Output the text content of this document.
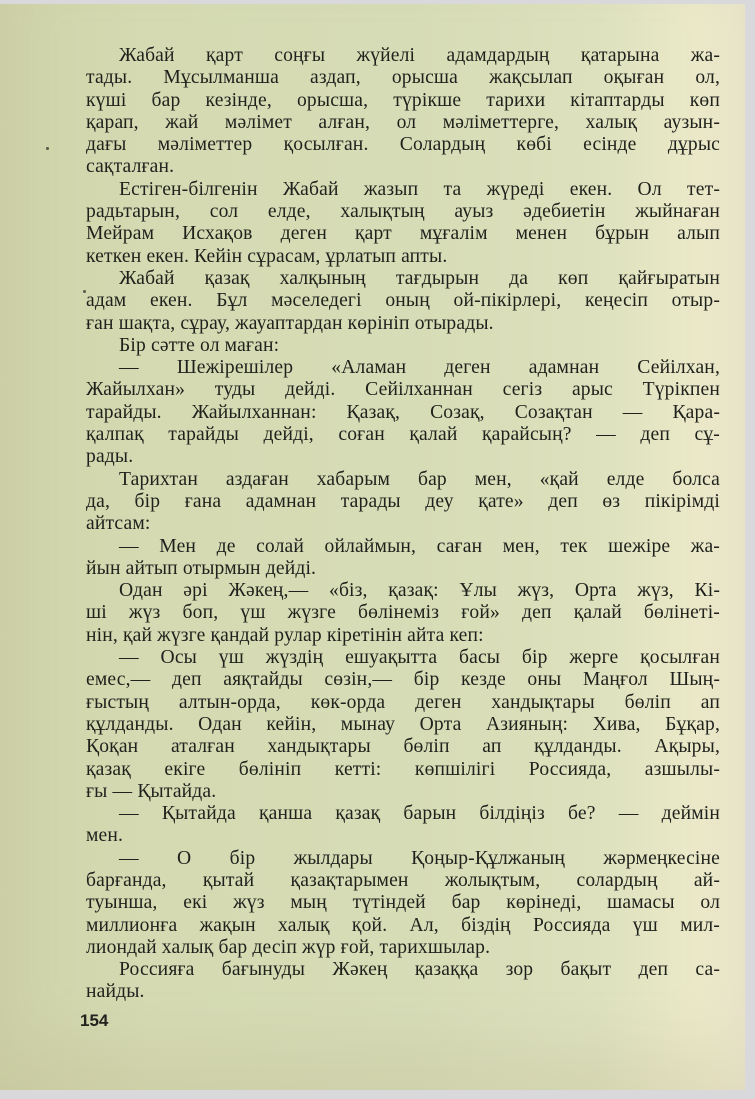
Жабай қарт соңғы жүйелі адамдардың қатарына жа-
тады. Мұсылманша аздап, орысша жақсылап оқыған ол,
күші бар кезінде, орысша, түрікше тарихи кітаптарды көп
қарап, жай мәлімет алған, ол мәліметтерге, халық аузын-
дағы мәліметтер қосылған. Солардың көбі есінде дұрыс
сақталған.
Естіген-білгенін Жабай жазып та жүреді екен. Ол тет-
радьтарын, сол елде, халықтың ауыз әдебиетін жыйнаған
Мейрам Исхақов деген қарт мұғалім менен бұрын алып
кеткен екен. Кейін сұрасам, ұрлатып апты.
Жабай қазақ халқының тағдырын да көп қайғыратын
адам екен. Бұл мәселедегі оның ой-пікірлері, кеңесіп отыр-
ған шақта, сұрау, жауаптардан көрініп отырады.
Бір сәтте ол маған:
— Шежірешілер «Аламан деген адамнан Сейілхан,
Жайылхан» туды дейді. Сейілханнан сегіз арыс Түрікпен
тарайды. Жайылханнан: Қазақ, Созақ, Созақтан — Қара-
қалпақ тарайды дейді, соған қалай қарайсың? — деп сұ-
рады.
Тарихтан аздаған хабарым бар мен, «қай елде болса
да, бір ғана адамнан тарады деу қате» деп өз пікірімді
айтсам:
— Мен де солай ойлаймын, саған мен, тек шежіре жа-
йын айтып отырмын дейді.
Одан әрі Жәкең,— «біз, қазақ: Ұлы жүз, Орта жүз, Кі-
ші жүз боп, үш жүзге бөлінеміз ғой» деп қалай бөлінеті-
нін, қай жүзге қандай рулар кіретінін айта кеп:
— Осы үш жүздің ешуақытта басы бір жерге қосылған
емес,— деп аяқтайды сөзін,— бір кезде оны Маңғол Шың-
ғыстың алтын-орда, көк-орда деген хандықтары бөліп ап
құлданды. Одан кейін, мынау Орта Азияның: Хива, Бұқар,
Қоқан аталған хандықтары бөліп ап құлданды. Ақыры,
қазақ екіге бөлініп кетті: көпшілігі Россияда, азшылы-
ғы — Қытайда.
— Қытайда қанша қазақ барын білдіңіз бе? — деймін
мен.
— О бір жылдары Қоңыр-Құлжаның жәрмеңкесіне
барғанда, қытай қазақтарымен жолықтым, солардың ай-
туынша, екі жүз мың түтіндей бар көрінеді, шамасы ол
миллионға жақын халық қой. Ал, біздің Россияда үш мил-
лиондай халық бар десіп жүр ғой, тарихшылар.
Россияға бағынуды Жәкең қазаққа зор бақыт деп са-
найды.
154
